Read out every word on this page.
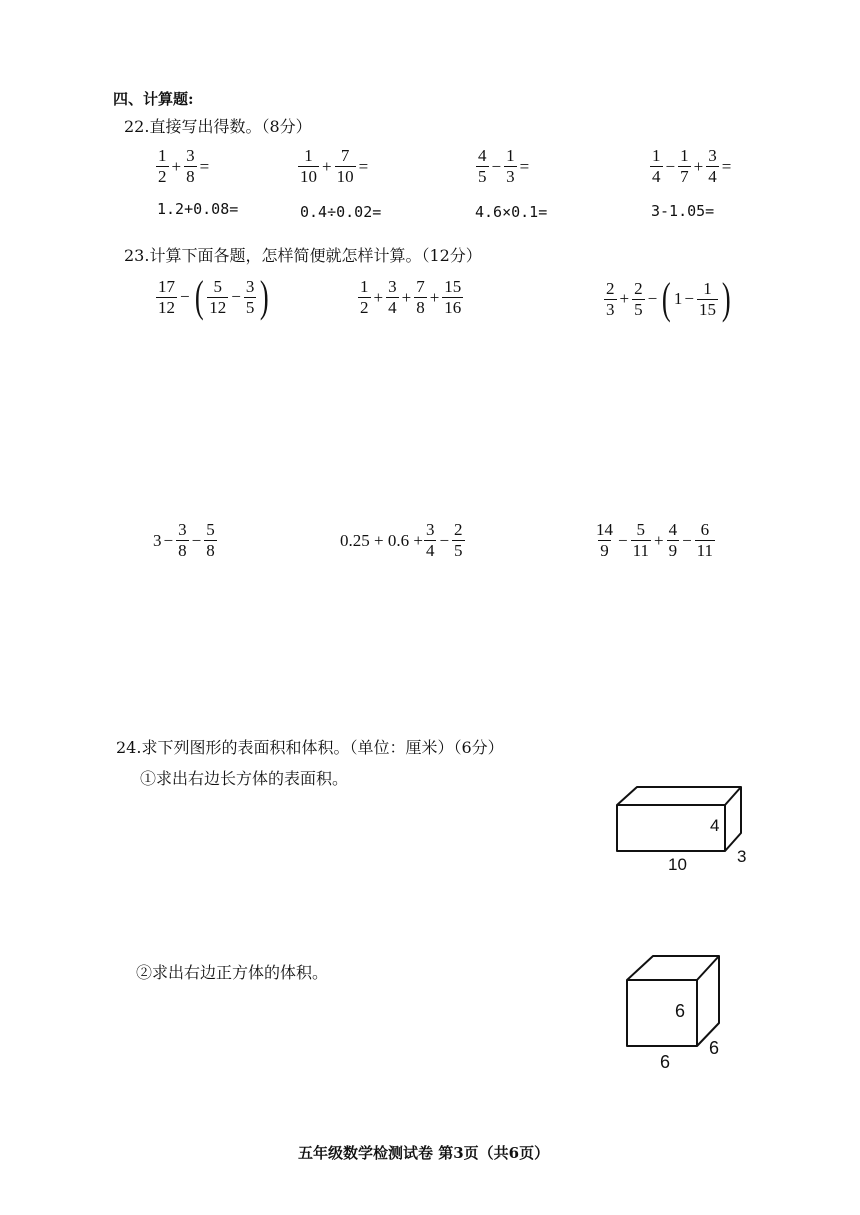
四、计算题:
22.直接写出得数。（8分）
$\frac{1}{2} + \frac{3}{8}$ =	$\frac{1}{10} + \frac{7}{10}$ =	$\frac{4}{5} - \frac{1}{3}$ =	$\frac{1}{4} - \frac{1}{7} + \frac{3}{4}$ =
1.2+0.08=	0.4÷0.02=	4.6×0.1=	3-1.05=
23.计算下面各题，怎样简便就怎样计算。（12分）
$\frac{17}{12}$ − ( $\frac{5}{12} - \frac{3}{5}$ )	$\frac{1}{2} + \frac{3}{4} + \frac{7}{8} + \frac{15}{16}$	$\frac{2}{3} + \frac{2}{5}$ − ( $1 - \frac{1}{15}$ )
$3 - \frac{3}{8} - \frac{5}{8}$	$0.25 + 0.6 + \frac{3}{4} - \frac{2}{5}$	$\frac{14}{9} - \frac{5}{11} + \frac{4}{9} - \frac{6}{11}$
24.求下列图形的表面积和体积。（单位：厘米）（6分）
①求出右边长方体的表面积。
②求出右边正方体的体积。
4
10	3
6
6
6
五年级数学检测试卷 第3页（共6页）
